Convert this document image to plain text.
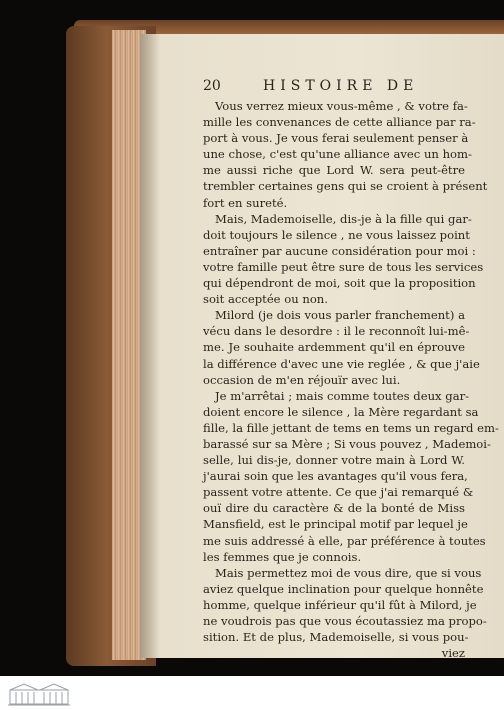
20	HISTOIRE DE
Vous verrez mieux vous-même , & votre fa-
mille les convenances de cette alliance par ra-
port à vous. Je vous ferai seulement penser à
une chose, c'est qu'une alliance avec un hom-
me aussi riche que Lord W. sera peut-être
trembler certaines gens qui se croient à présent
fort en sureté.
Mais, Mademoiselle, dis-je à la fille qui gar-
doit toujours le silence , ne vous laissez point
entraîner par aucune considération pour moi :
votre famille peut être sure de tous les services
qui dépendront de moi, soit que la proposition
soit acceptée ou non.
Milord (je dois vous parler franchement) a
vécu dans le desordre : il le reconnoît lui-mê-
me. Je souhaite ardemment qu'il en éprouve
la différence d'avec une vie reglée , & que j'aie
occasion de m'en réjouïr avec lui.
Je m'arrêtai ; mais comme toutes deux gar-
doient encore le silence , la Mère regardant sa
fille, la fille jettant de tems en tems un regard em-
barassé sur sa Mère ; Si vous pouvez , Mademoi-
selle, lui dis-je, donner votre main à Lord W.
j'aurai soin que les avantages qu'il vous fera,
passent votre attente. Ce que j'ai remarqué &
ouï dire du caractère & de la bonté de Miss
Mansfield, est le principal motif par lequel je
me suis addressé à elle, par préférence à toutes
les femmes que je connois.
Mais permettez moi de vous dire, que si vous
aviez quelque inclination pour quelque honnête
homme, quelque inférieur qu'il fût à Milord, je
ne voudrois pas que vous écoutassiez ma propo-
sition. Et de plus, Mademoiselle, si vous pou-
viez
